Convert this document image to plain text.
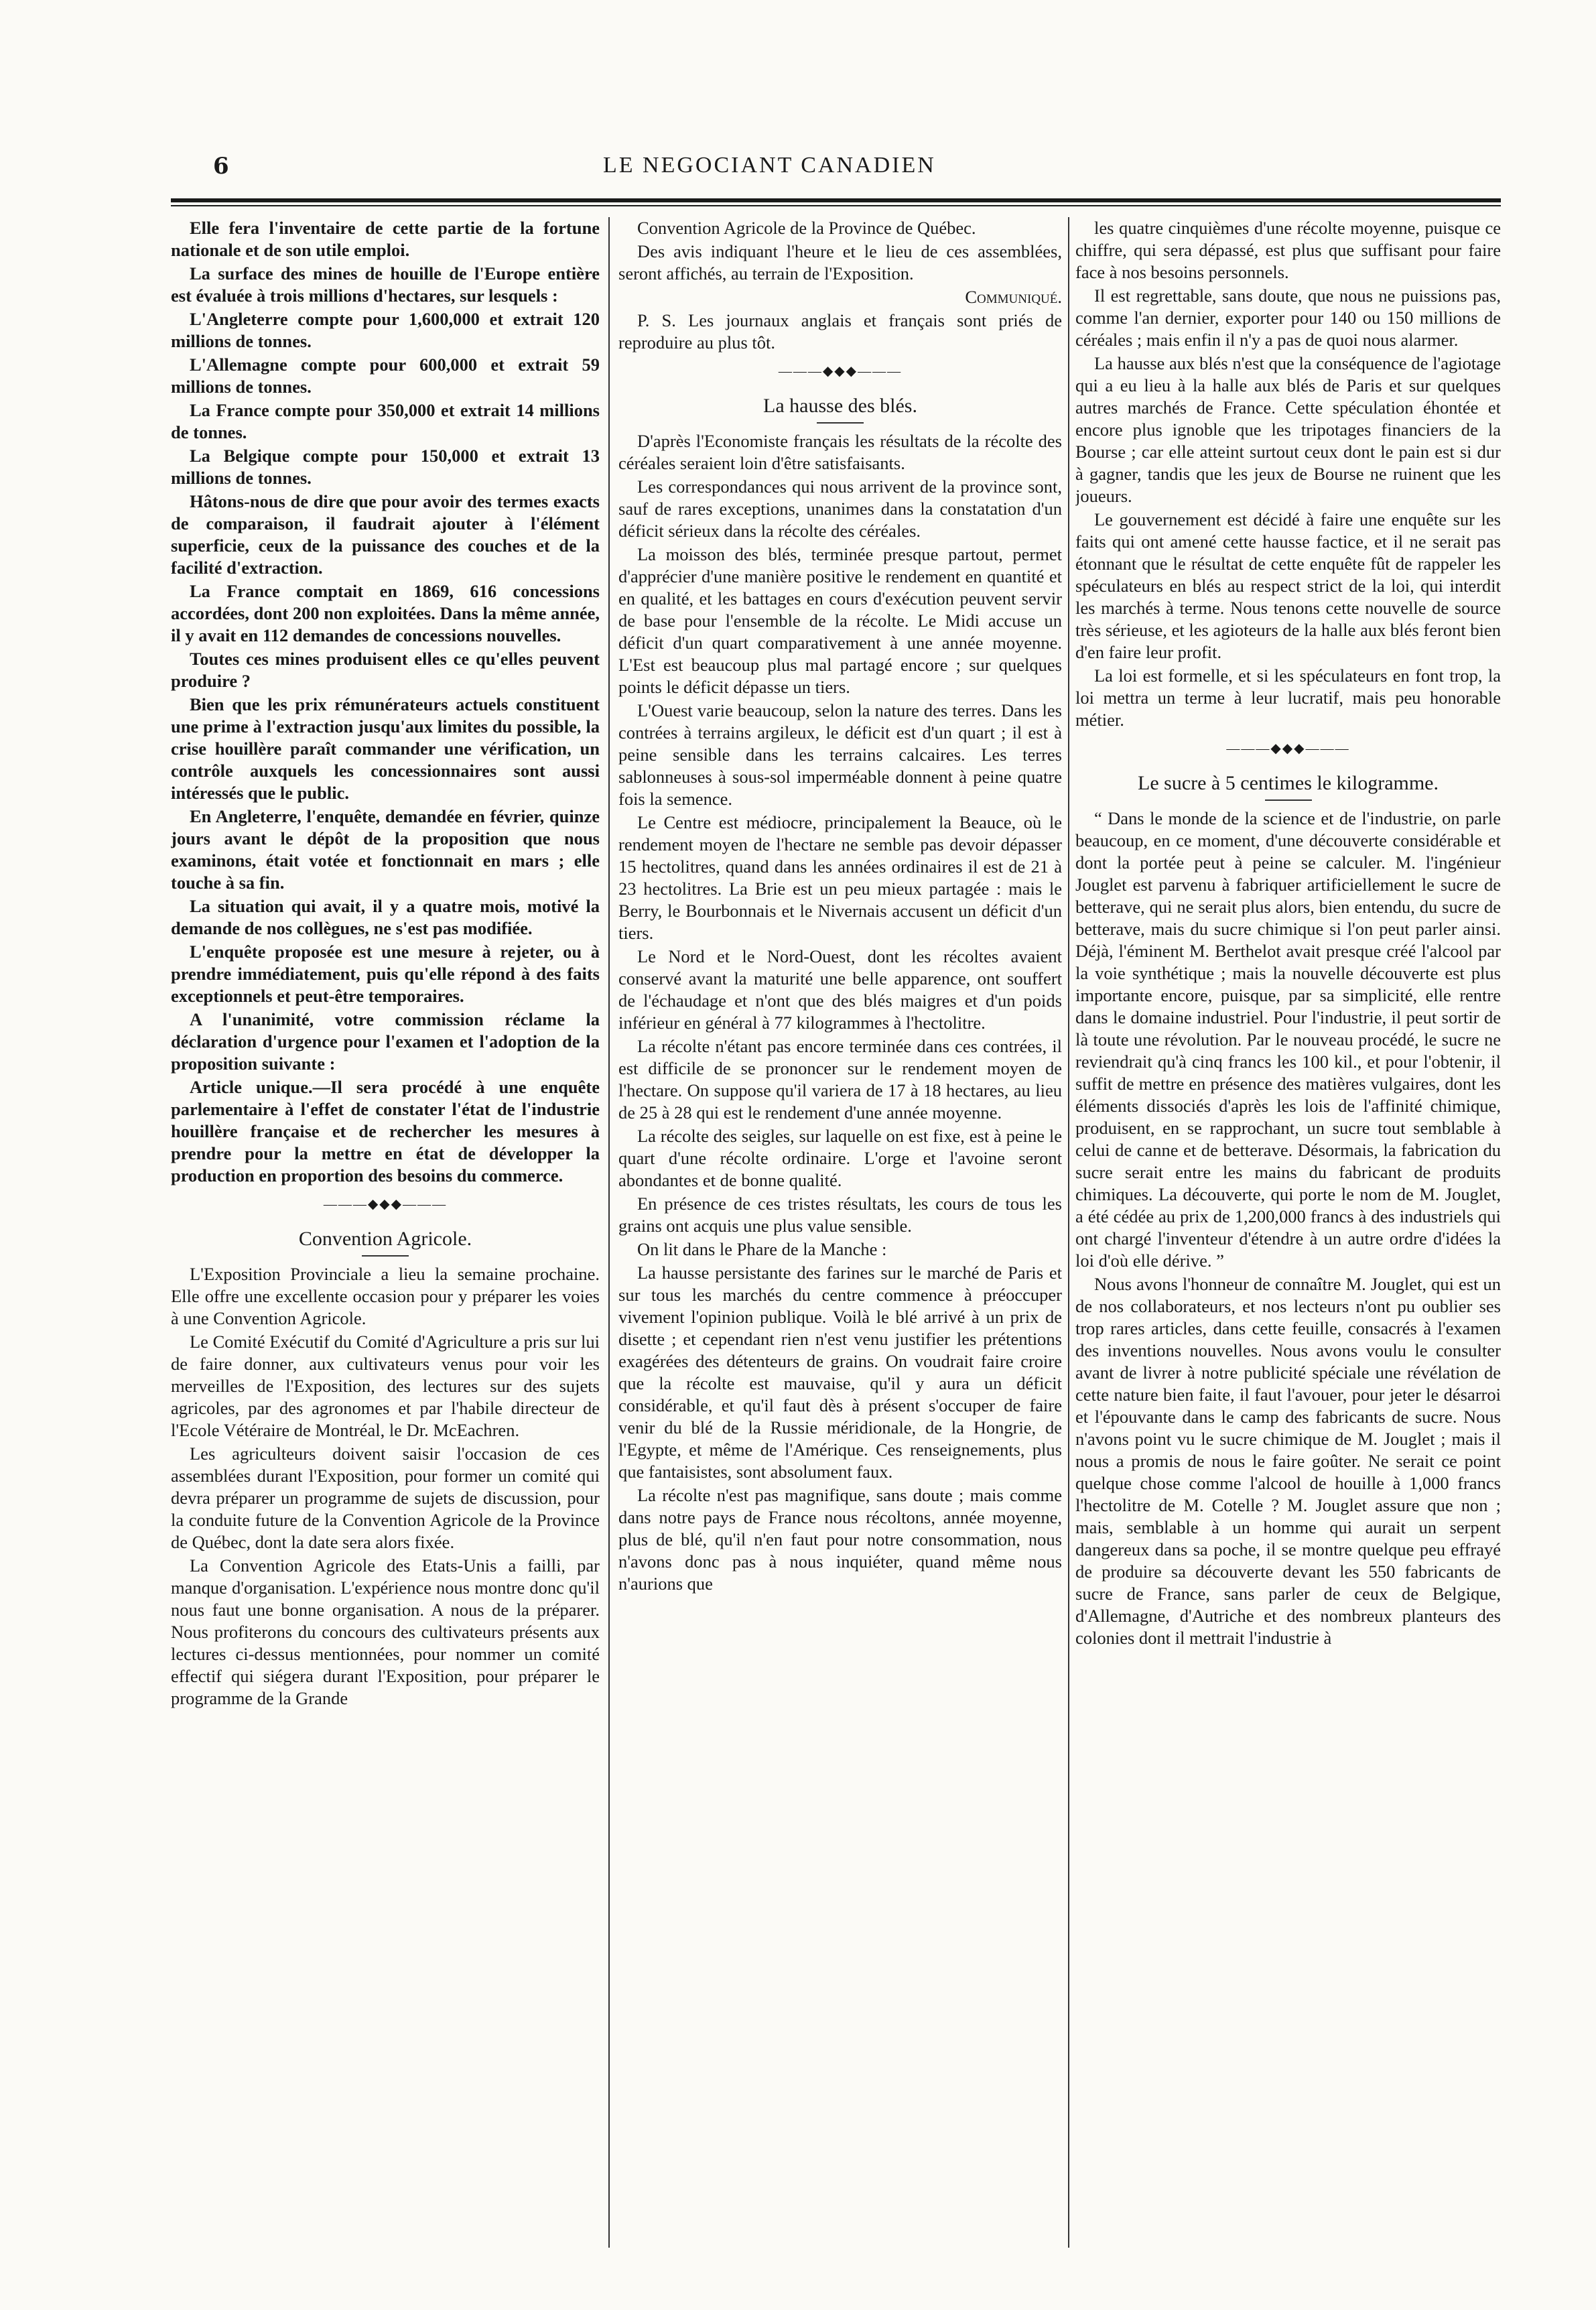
6	LE NEGOCIANT CANADIEN

Elle fera l'inventaire de cette partie de la fortune nationale et de son utile emploi.

La surface des mines de houille de l'Europe entière est évaluée à trois millions d'hectares, sur lesquels :

L'Angleterre compte pour 1,600,000 et extrait 120 millions de tonnes.

L'Allemagne compte pour 600,000 et extrait 59 millions de tonnes.

La France compte pour 350,000 et extrait 14 millions de tonnes.

La Belgique compte pour 150,000 et extrait 13 millions de tonnes.

Hâtons-nous de dire que pour avoir des termes exacts de comparaison, il faudrait ajouter à l'élément superficie, ceux de la puissance des couches et de la facilité d'extraction.

La France comptait en 1869, 616 concessions accordées, dont 200 non exploitées. Dans la même année, il y avait en 112 demandes de concessions nouvelles.

Toutes ces mines produisent elles ce qu'elles peuvent produire ?

Bien que les prix rémunérateurs actuels constituent une prime à l'extraction jusqu'aux limites du possible, la crise houillère paraît commander une vérification, un contrôle auxquels les concessionnaires sont aussi intéressés que le public.

En Angleterre, l'enquête, demandée en février, quinze jours avant le dépôt de la proposition que nous examinons, était votée et fonctionnait en mars ; elle touche à sa fin.

La situation qui avait, il y a quatre mois, motivé la demande de nos collègues, ne s'est pas modifiée.

L'enquête proposée est une mesure à rejeter, ou à prendre immédiatement, puis qu'elle répond à des faits exceptionnels et peut-être temporaires.

A l'unanimité, votre commission réclame la déclaration d'urgence pour l'examen et l'adoption de la proposition suivante :

Article unique.—Il sera procédé à une enquête parlementaire à l'effet de constater l'état de l'industrie houillère française et de rechercher les mesures à prendre pour la mettre en état de développer la production en proportion des besoins du commerce.

———◆◆◆———
Convention Agricole.

L'Exposition Provinciale a lieu la semaine prochaine. Elle offre une excellente occasion pour y préparer les voies à une Convention Agricole.

Le Comité Exécutif du Comité d'Agriculture a pris sur lui de faire donner, aux cultivateurs venus pour voir les merveilles de l'Exposition, des lectures sur des sujets agricoles, par des agronomes et par l'habile directeur de l'Ecole Vétéraire de Montréal, le Dr. McEachren.

Les agriculteurs doivent saisir l'occasion de ces assemblées durant l'Exposition, pour former un comité qui devra préparer un programme de sujets de discussion, pour la conduite future de la Convention Agricole de la Province de Québec, dont la date sera alors fixée.

La Convention Agricole des Etats-Unis a failli, par manque d'organisation. L'expérience nous montre donc qu'il nous faut une bonne organisation. A nous de la préparer. Nous profiterons du concours des cultivateurs présents aux lectures ci-dessus mentionnées, pour nommer un comité effectif qui siégera durant l'Exposition, pour préparer le programme de la Grande

Convention Agricole de la Province de Québec.

Des avis indiquant l'heure et le lieu de ces assemblées, seront affichés, au terrain de l'Exposition.

Communiqué.

P. S. Les journaux anglais et français sont priés de reproduire au plus tôt.

———◆◆◆———
La hausse des blés.

D'après l'Economiste français les résultats de la récolte des céréales seraient loin d'être satisfaisants.

Les correspondances qui nous arrivent de la province sont, sauf de rares exceptions, unanimes dans la constatation d'un déficit sérieux dans la récolte des céréales.

La moisson des blés, terminée presque partout, permet d'apprécier d'une manière positive le rendement en quantité et en qualité, et les battages en cours d'exécution peuvent servir de base pour l'ensemble de la récolte. Le Midi accuse un déficit d'un quart comparativement à une année moyenne. L'Est est beaucoup plus mal partagé encore ; sur quelques points le déficit dépasse un tiers.

L'Ouest varie beaucoup, selon la nature des terres. Dans les contrées à terrains argileux, le déficit est d'un quart ; il est à peine sensible dans les terrains calcaires. Les terres sablonneuses à sous-sol imperméable donnent à peine quatre fois la semence.

Le Centre est médiocre, principalement la Beauce, où le rendement moyen de l'hectare ne semble pas devoir dépasser 15 hectolitres, quand dans les années ordinaires il est de 21 à 23 hectolitres. La Brie est un peu mieux partagée : mais le Berry, le Bourbonnais et le Nivernais accusent un déficit d'un tiers.

Le Nord et le Nord-Ouest, dont les récoltes avaient conservé avant la maturité une belle apparence, ont souffert de l'échaudage et n'ont que des blés maigres et d'un poids inférieur en général à 77 kilogrammes à l'hectolitre.

La récolte n'étant pas encore terminée dans ces contrées, il est difficile de se prononcer sur le rendement moyen de l'hectare. On suppose qu'il variera de 17 à 18 hectares, au lieu de 25 à 28 qui est le rendement d'une année moyenne.

La récolte des seigles, sur laquelle on est fixe, est à peine le quart d'une récolte ordinaire. L'orge et l'avoine seront abondantes et de bonne qualité.

En présence de ces tristes résultats, les cours de tous les grains ont acquis une plus value sensible.

On lit dans le Phare de la Manche :

La hausse persistante des farines sur le marché de Paris et sur tous les marchés du centre commence à préoccuper vivement l'opinion publique. Voilà le blé arrivé à un prix de disette ; et cependant rien n'est venu justifier les prétentions exagérées des détenteurs de grains. On voudrait faire croire que la récolte est mauvaise, qu'il y aura un déficit considérable, et qu'il faut dès à présent s'occuper de faire venir du blé de la Russie méridionale, de la Hongrie, de l'Egypte, et même de l'Amérique. Ces renseignements, plus que fantaisistes, sont absolument faux.

La récolte n'est pas magnifique, sans doute ; mais comme dans notre pays de France nous récoltons, année moyenne, plus de blé, qu'il n'en faut pour notre consommation, nous n'avons donc pas à nous inquiéter, quand même nous n'aurions que

les quatre cinquièmes d'une récolte moyenne, puisque ce chiffre, qui sera dépassé, est plus que suffisant pour faire face à nos besoins personnels.

Il est regrettable, sans doute, que nous ne puissions pas, comme l'an dernier, exporter pour 140 ou 150 millions de céréales ; mais enfin il n'y a pas de quoi nous alarmer.

La hausse aux blés n'est que la conséquence de l'agiotage qui a eu lieu à la halle aux blés de Paris et sur quelques autres marchés de France. Cette spéculation éhontée et encore plus ignoble que les tripotages financiers de la Bourse ; car elle atteint surtout ceux dont le pain est si dur à gagner, tandis que les jeux de Bourse ne ruinent que les joueurs.

Le gouvernement est décidé à faire une enquête sur les faits qui ont amené cette hausse factice, et il ne serait pas étonnant que le résultat de cette enquête fût de rappeler les spéculateurs en blés au respect strict de la loi, qui interdit les marchés à terme. Nous tenons cette nouvelle de source très sérieuse, et les agioteurs de la halle aux blés feront bien d'en faire leur profit.

La loi est formelle, et si les spéculateurs en font trop, la loi mettra un terme à leur lucratif, mais peu honorable métier.

———◆◆◆———
Le sucre à 5 centimes le kilogramme.

“ Dans le monde de la science et de l'industrie, on parle beaucoup, en ce moment, d'une découverte considérable et dont la portée peut à peine se calculer. M. l'ingénieur Jouglet est parvenu à fabriquer artificiellement le sucre de betterave, qui ne serait plus alors, bien entendu, du sucre de betterave, mais du sucre chimique si l'on peut parler ainsi. Déjà, l'éminent M. Berthelot avait presque créé l'alcool par la voie synthétique ; mais la nouvelle découverte est plus importante encore, puisque, par sa simplicité, elle rentre dans le domaine industriel. Pour l'industrie, il peut sortir de là toute une révolution. Par le nouveau procédé, le sucre ne reviendrait qu'à cinq francs les 100 kil., et pour l'obtenir, il suffit de mettre en présence des matières vulgaires, dont les éléments dissociés d'après les lois de l'affinité chimique, produisent, en se rapprochant, un sucre tout semblable à celui de canne et de betterave. Désormais, la fabrication du sucre serait entre les mains du fabricant de produits chimiques. La découverte, qui porte le nom de M. Jouglet, a été cédée au prix de 1,200,000 francs à des industriels qui ont chargé l'inventeur d'étendre à un autre ordre d'idées la loi d'où elle dérive. ”

Nous avons l'honneur de connaître M. Jouglet, qui est un de nos collaborateurs, et nos lecteurs n'ont pu oublier ses trop rares articles, dans cette feuille, consacrés à l'examen des inventions nouvelles. Nous avons voulu le consulter avant de livrer à notre publicité spéciale une révélation de cette nature bien faite, il faut l'avouer, pour jeter le désarroi et l'épouvante dans le camp des fabricants de sucre. Nous n'avons point vu le sucre chimique de M. Jouglet ; mais il nous a promis de nous le faire goûter. Ne serait ce point quelque chose comme l'alcool de houille à 1,000 francs l'hectolitre de M. Cotelle ? M. Jouglet assure que non ; mais, semblable à un homme qui aurait un serpent dangereux dans sa poche, il se montre quelque peu effrayé de produire sa découverte devant les 550 fabricants de sucre de France, sans parler de ceux de Belgique, d'Allemagne, d'Autriche et des nombreux planteurs des colonies dont il mettrait l'industrie à
